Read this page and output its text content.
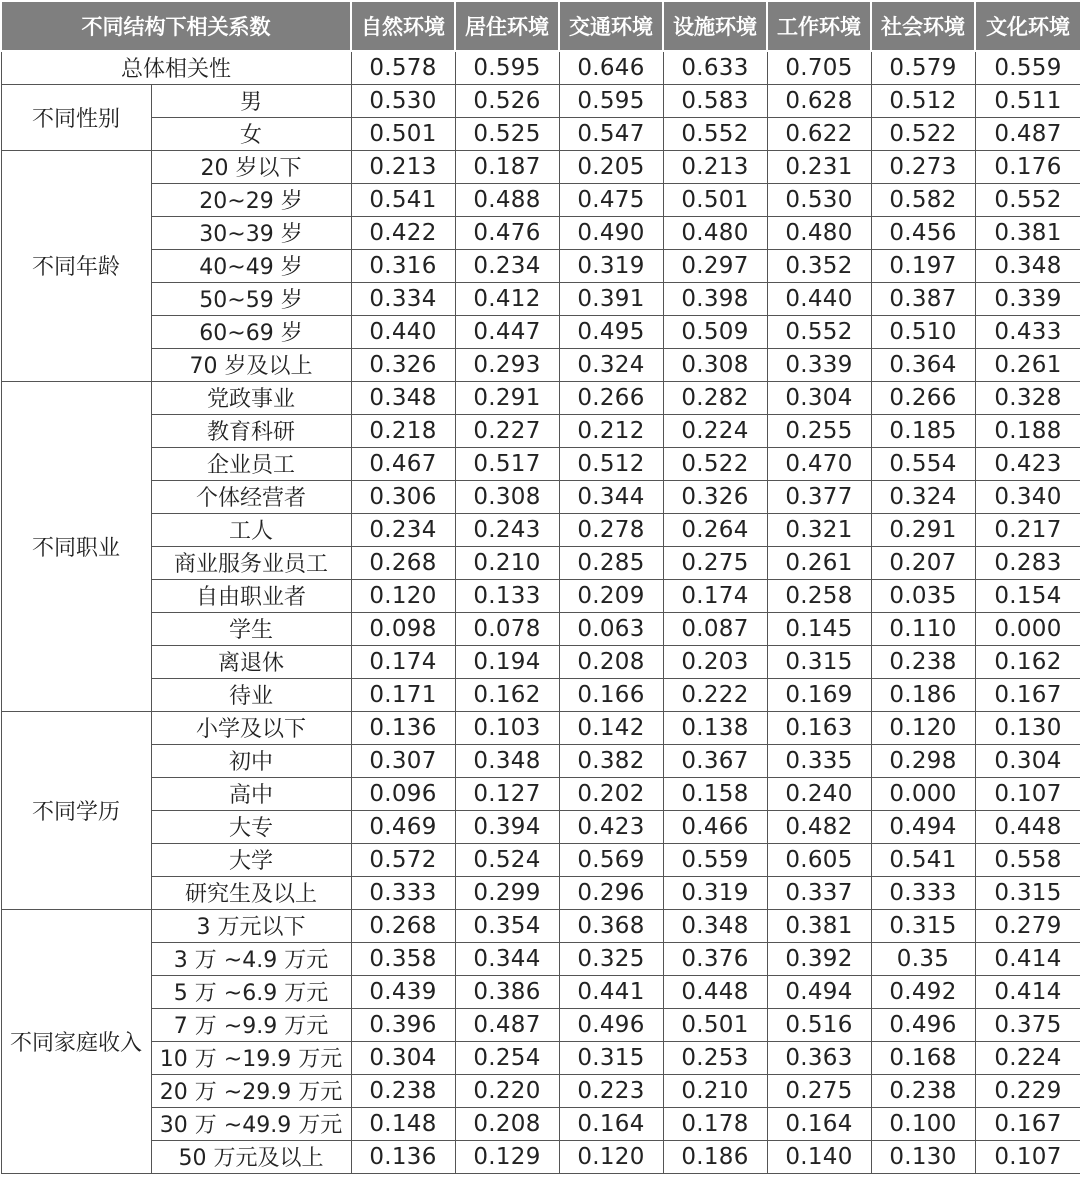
不同结构下相关系数		自然环境	居住环境	交通环境	设施环境	工作环境	社会环境	文化环境
总体相关性		0.578	0.595	0.646	0.633	0.705	0.579	0.559
不同性别	男	0.530	0.526	0.595	0.583	0.628	0.512	0.511
	女	0.501	0.525	0.547	0.552	0.622	0.522	0.487
不同年龄	20 岁以下	0.213	0.187	0.205	0.213	0.231	0.273	0.176
	20~29 岁	0.541	0.488	0.475	0.501	0.530	0.582	0.552
	30~39 岁	0.422	0.476	0.490	0.480	0.480	0.456	0.381
	40~49 岁	0.316	0.234	0.319	0.297	0.352	0.197	0.348
	50~59 岁	0.334	0.412	0.391	0.398	0.440	0.387	0.339
	60~69 岁	0.440	0.447	0.495	0.509	0.552	0.510	0.433
	70 岁及以上	0.326	0.293	0.324	0.308	0.339	0.364	0.261
不同职业	党政事业	0.348	0.291	0.266	0.282	0.304	0.266	0.328
	教育科研	0.218	0.227	0.212	0.224	0.255	0.185	0.188
	企业员工	0.467	0.517	0.512	0.522	0.470	0.554	0.423
	个体经营者	0.306	0.308	0.344	0.326	0.377	0.324	0.340
	工人	0.234	0.243	0.278	0.264	0.321	0.291	0.217
	商业服务业员工	0.268	0.210	0.285	0.275	0.261	0.207	0.283
	自由职业者	0.120	0.133	0.209	0.174	0.258	0.035	0.154
	学生	0.098	0.078	0.063	0.087	0.145	0.110	0.000
	离退休	0.174	0.194	0.208	0.203	0.315	0.238	0.162
	待业	0.171	0.162	0.166	0.222	0.169	0.186	0.167
不同学历	小学及以下	0.136	0.103	0.142	0.138	0.163	0.120	0.130
	初中	0.307	0.348	0.382	0.367	0.335	0.298	0.304
	高中	0.096	0.127	0.202	0.158	0.240	0.000	0.107
	大专	0.469	0.394	0.423	0.466	0.482	0.494	0.448
	大学	0.572	0.524	0.569	0.559	0.605	0.541	0.558
	研究生及以上	0.333	0.299	0.296	0.319	0.337	0.333	0.315
不同家庭收入	3 万元以下	0.268	0.354	0.368	0.348	0.381	0.315	0.279
	3 万 ~4.9 万元	0.358	0.344	0.325	0.376	0.392	0.35	0.414
	5 万 ~6.9 万元	0.439	0.386	0.441	0.448	0.494	0.492	0.414
	7 万 ~9.9 万元	0.396	0.487	0.496	0.501	0.516	0.496	0.375
	10 万 ~19.9 万元	0.304	0.254	0.315	0.253	0.363	0.168	0.224
	20 万 ~29.9 万元	0.238	0.220	0.223	0.210	0.275	0.238	0.229
	30 万 ~49.9 万元	0.148	0.208	0.164	0.178	0.164	0.100	0.167
	50 万元及以上	0.136	0.129	0.120	0.186	0.140	0.130	0.107
